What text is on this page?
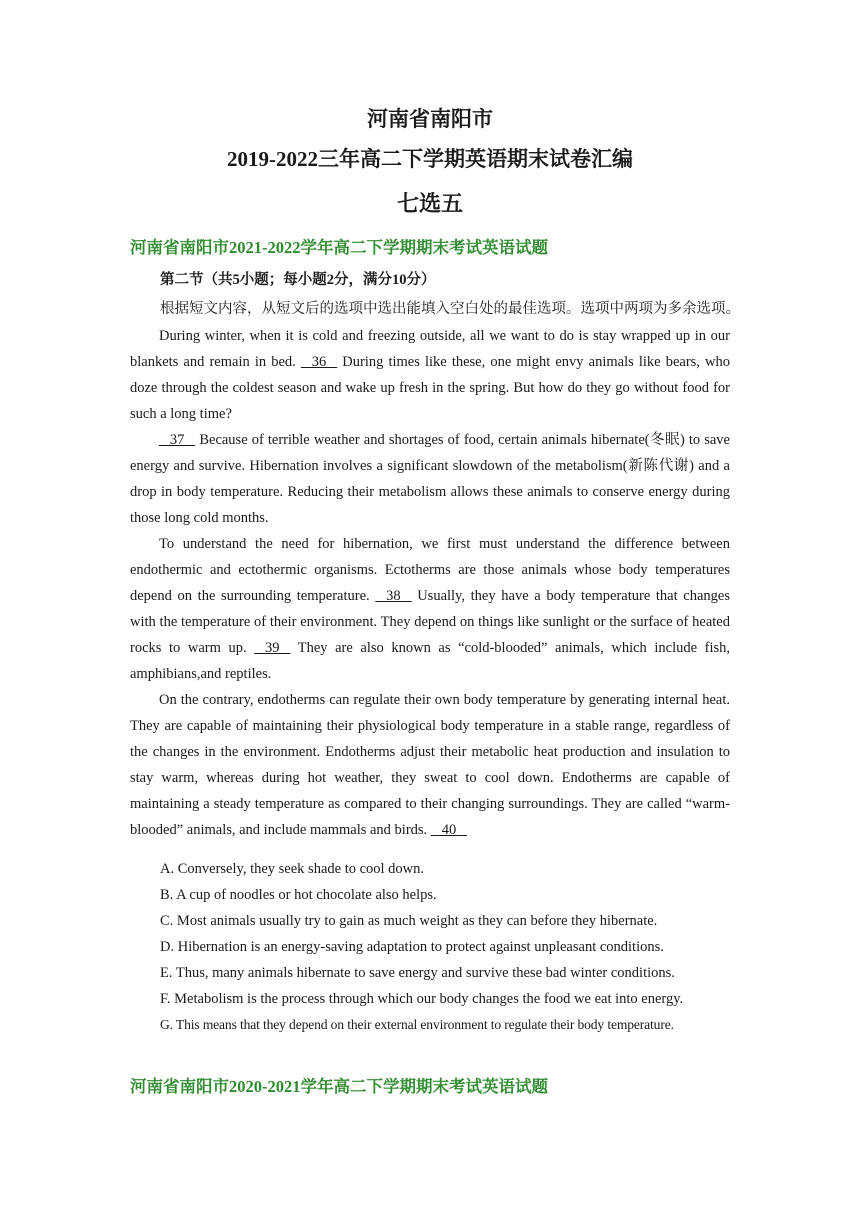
河南省南阳市
2019-2022三年高二下学期英语期末试卷汇编
七选五
河南省南阳市2021-2022学年高二下学期期末考试英语试题
第二节（共5小题；每小题2分，满分10分）
根据短文内容，从短文后的选项中选出能填入空白处的最佳选项。选项中两项为多余选项。

During winter, when it is cold and freezing outside, all we want to do is stay wrapped up in our blankets and remain in bed.    36    During times like these, one might envy animals like bears, who doze through the coldest season and wake up fresh in the spring. But how do they go without food for such a long time?

37    Because of terrible weather and shortages of food, certain animals hibernate(冬眠) to save energy and survive. Hibernation involves a significant slowdown of the metabolism(新陈代谢) and a drop in body temperature. Reducing their metabolism allows these animals to conserve energy during those long cold months.

To understand the need for hibernation, we first must understand the difference between endothermic and ectothermic organisms. Ectotherms are those animals whose body temperatures depend on the surrounding temperature.    38    Usually, they have a body temperature that changes with the temperature of their environment. They depend on things like sunlight or the surface of heated rocks to warm up.    39    They are also known as “cold-blooded” animals, which include fish, amphibians,and reptiles.

On the contrary, endotherms can regulate their own body temperature by generating internal heat. They are capable of maintaining their physiological body temperature in a stable range, regardless of the changes in the environment. Endotherms adjust their metabolic heat production and insulation to stay warm, whereas during hot weather, they sweat to cool down. Endotherms are capable of maintaining a steady temperature as compared to their changing surroundings. They are called “warm-blooded” animals, and include mammals and birds.    40

A. Conversely, they seek shade to cool down.
B. A cup of noodles or hot chocolate also helps.
C. Most animals usually try to gain as much weight as they can before they hibernate.
D. Hibernation is an energy-saving adaptation to protect against unpleasant conditions.
E. Thus, many animals hibernate to save energy and survive these bad winter conditions.
F. Metabolism is the process through which our body changes the food we eat into energy.
G. This means that they depend on their external environment to regulate their body temperature.
河南省南阳市2020-2021学年高二下学期期末考试英语试题
